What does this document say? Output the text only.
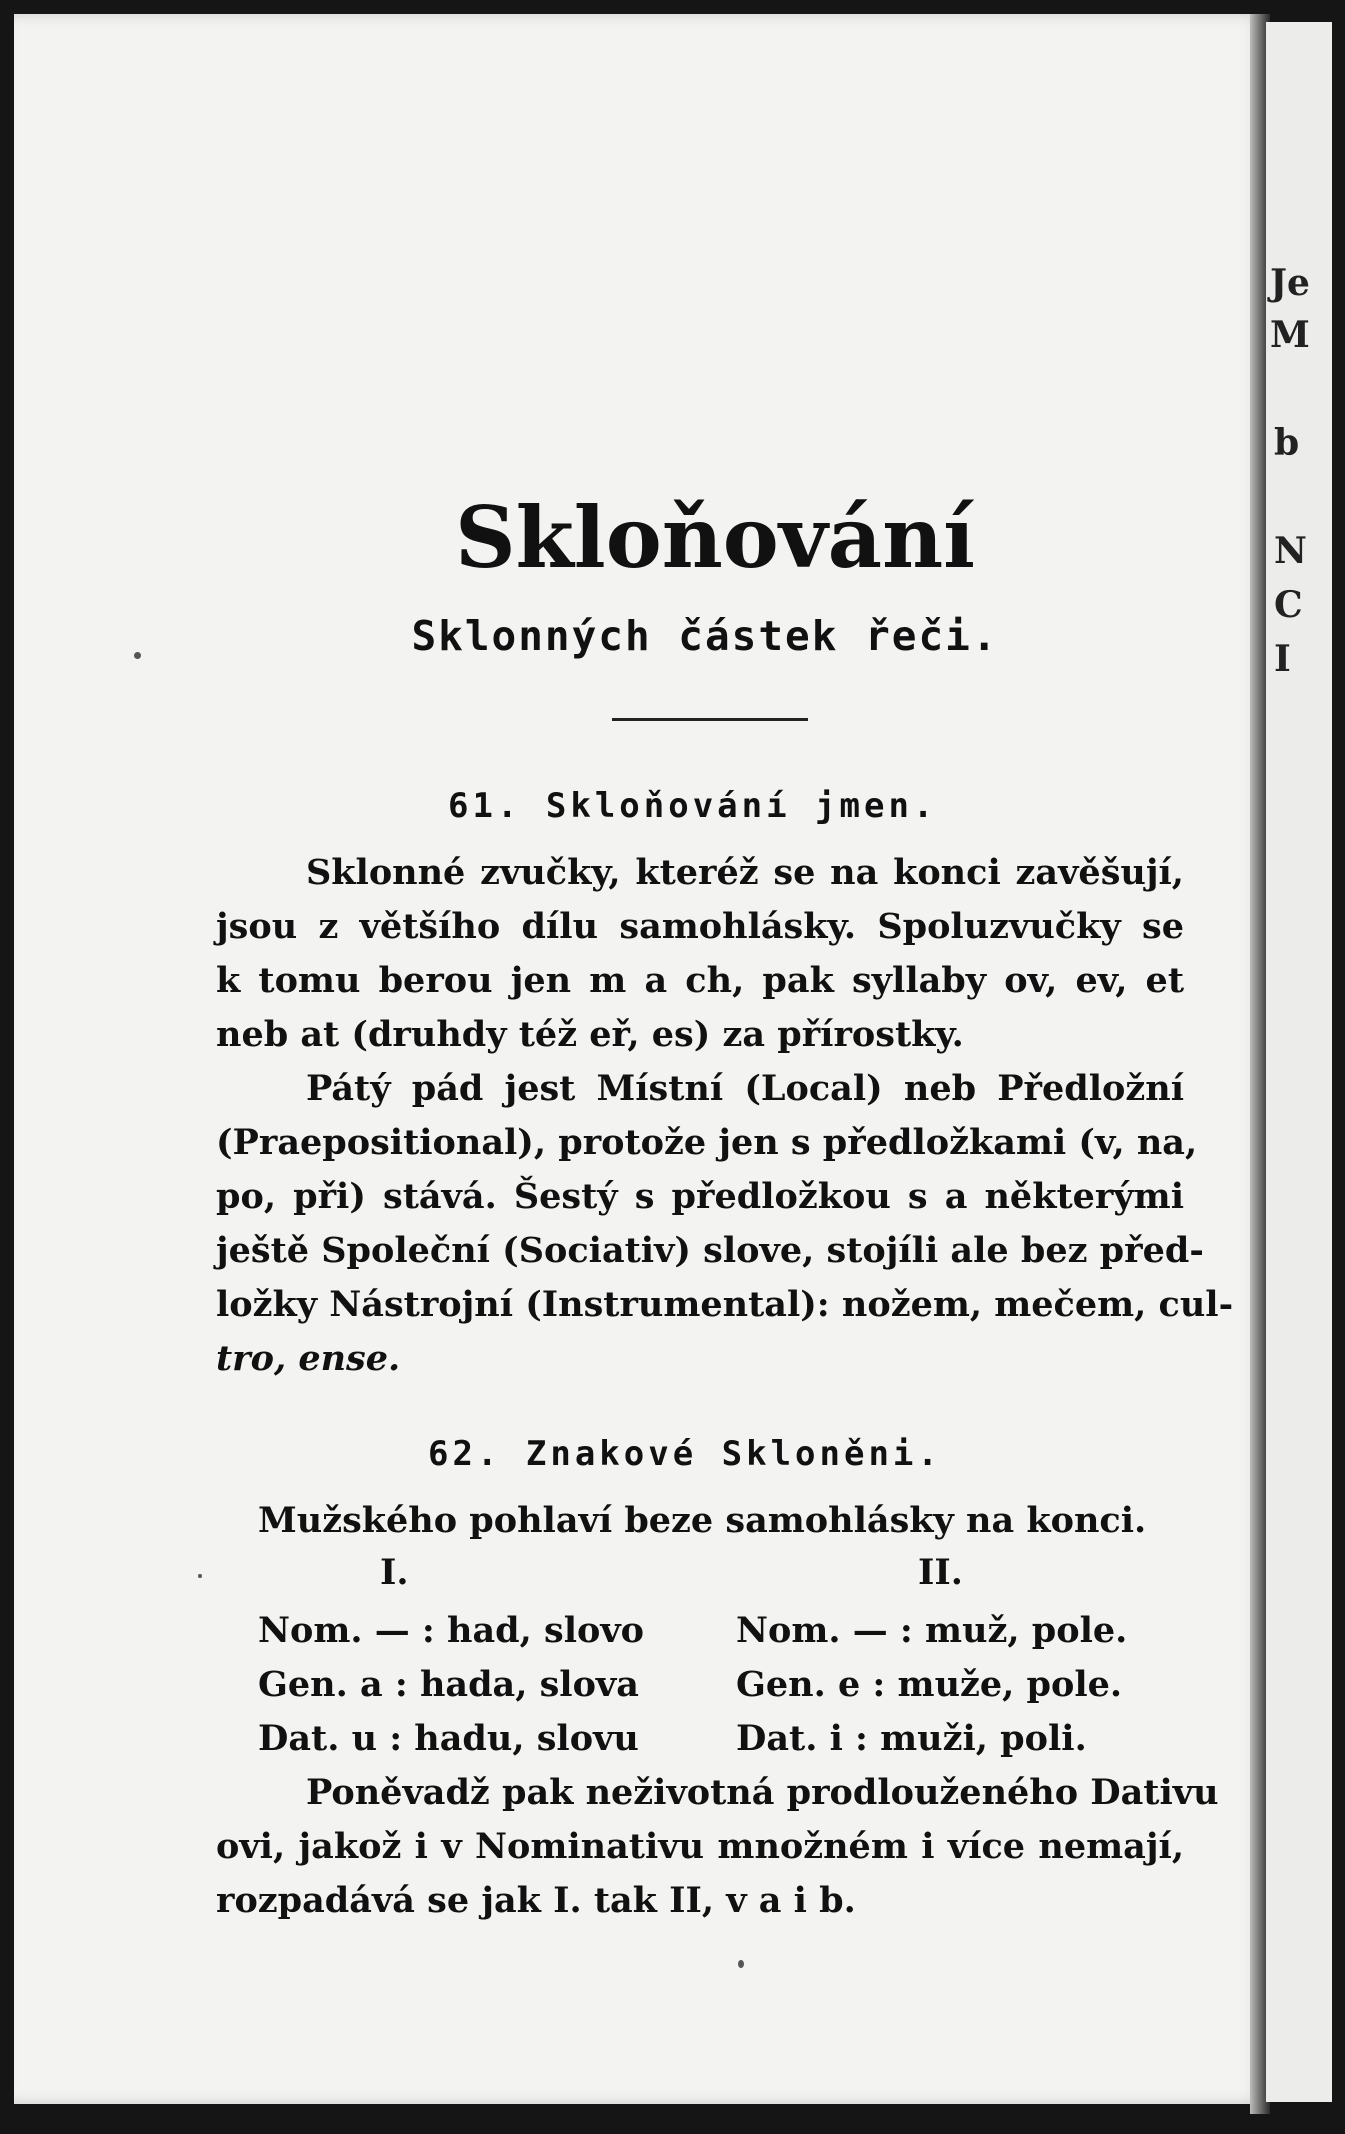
Je
M
b
N
C
I
Skloňování
Sklonných částek řeči.
61. Skloňování jmen.
Sklonné zvučky, kteréž se na konci zavěšují,
jsou z většího dílu samohlásky. Spoluzvučky se
k tomu berou jen m a ch, pak syllaby ov, ev, et
neb at (druhdy též eř, es) za přírostky.
Pátý pád jest Místní (Local) neb Předložní
(Praepositional), protože jen s předložkami (v, na,
po, při) stává. Šestý s předložkou s a některými
ještě Společní (Sociativ) slove, stojíli ale bez před-
ložky Nástrojní (Instrumental): nožem, mečem, cul-
tro, ense.
62. Znakové Skloněni.
Mužského pohlaví beze samohlásky na konci.
I.	II.
Nom. — : had, slovo	Nom. — : muž, pole.
Gen. a : hada, slova	Gen. e : muže, pole.
Dat. u : hadu, slovu	Dat. i : muži, poli.
Poněvadž pak neživotná prodlouženého Dativu
ovi, jakož i v Nominativu množném i více nemají,
rozpadává se jak I. tak II, v a i b.
